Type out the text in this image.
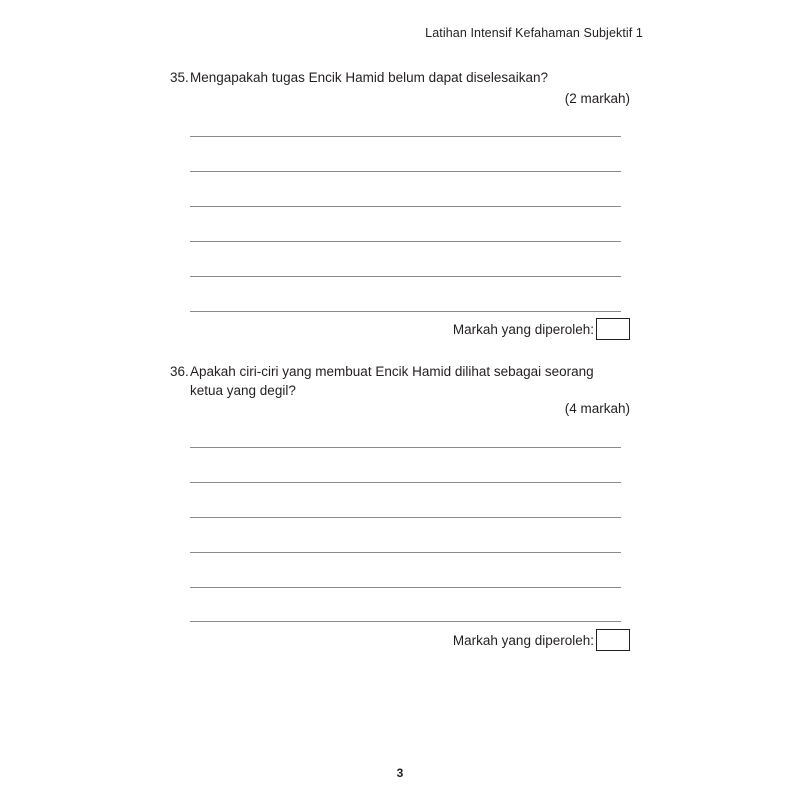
Latihan Intensif Kefahaman Subjektif 1
35. Mengapakah tugas Encik Hamid belum dapat diselesaikan?
(2 markah)
Markah yang diperoleh:
36. Apakah ciri-ciri yang membuat Encik Hamid dilihat sebagai seorang ketua yang degil?
(4 markah)
Markah yang diperoleh:
3
